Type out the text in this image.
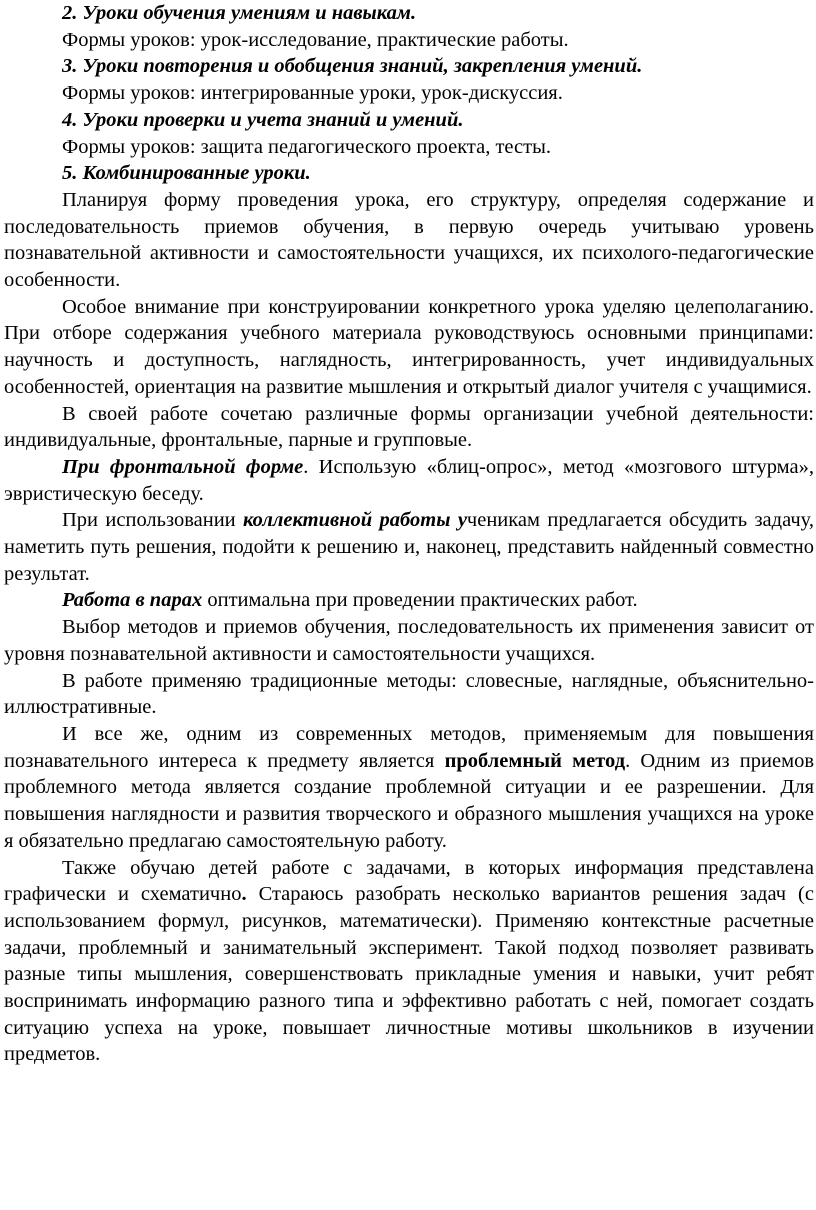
2. Уроки обучения умениям и навыкам.

Формы уроков: урок-исследование, практические работы.

3. Уроки повторения и обобщения знаний, закрепления умений.

Формы уроков: интегрированные уроки, урок-дискуссия.

4. Уроки проверки и учета знаний и умений.

Формы уроков: защита педагогического проекта, тесты.

5. Комбинированные уроки.

Планируя форму проведения урока, его структуру, определяя содержание и последовательность приемов обучения, в первую очередь учитываю уровень познавательной активности и самостоятельности учащихся, их психолого-педагогические особенности.

Особое внимание при конструировании конкретного урока уделяю целеполаганию. При отборе содержания учебного материала руководствуюсь основными принципами: научность и доступность, наглядность, интегрированность, учет индивидуальных особенностей, ориентация на развитие мышления и открытый диалог учителя с учащимися.

В своей работе сочетаю различные формы организации учебной деятельности: индивидуальные, фронтальные, парные и групповые.

При фронтальной форме. Использую «блиц-опрос», метод «мозгового штурма», эвристическую беседу.

При использовании коллективной работы ученикам предлагается обсудить задачу, наметить путь решения, подойти к решению и, наконец, представить найденный совместно результат.

Работа в парах оптимальна при проведении практических работ.

Выбор методов и приемов обучения, последовательность их применения зависит от уровня познавательной активности и самостоятельности учащихся.

В работе применяю традиционные методы: словесные, наглядные, объяснительно-иллюстративные.

И все же, одним из современных методов, применяемым для повышения познавательного интереса к предмету является проблемный метод. Одним из приемов проблемного метода является создание проблемной ситуации и ее разрешении. Для повышения наглядности и развития творческого и образного мышления учащихся на уроке я обязательно предлагаю самостоятельную работу.

Также обучаю детей работе с задачами, в которых информация представлена графически и схематично. Стараюсь разобрать несколько вариантов решения задач (с использованием формул, рисунков, математически). Применяю контекстные расчетные задачи, проблемный и занимательный эксперимент. Такой подход позволяет развивать разные типы мышления, совершенствовать прикладные умения и навыки, учит ребят воспринимать информацию разного типа и эффективно работать с ней, помогает создать ситуацию успеха на уроке, повышает личностные мотивы школьников в изучении предметов.
